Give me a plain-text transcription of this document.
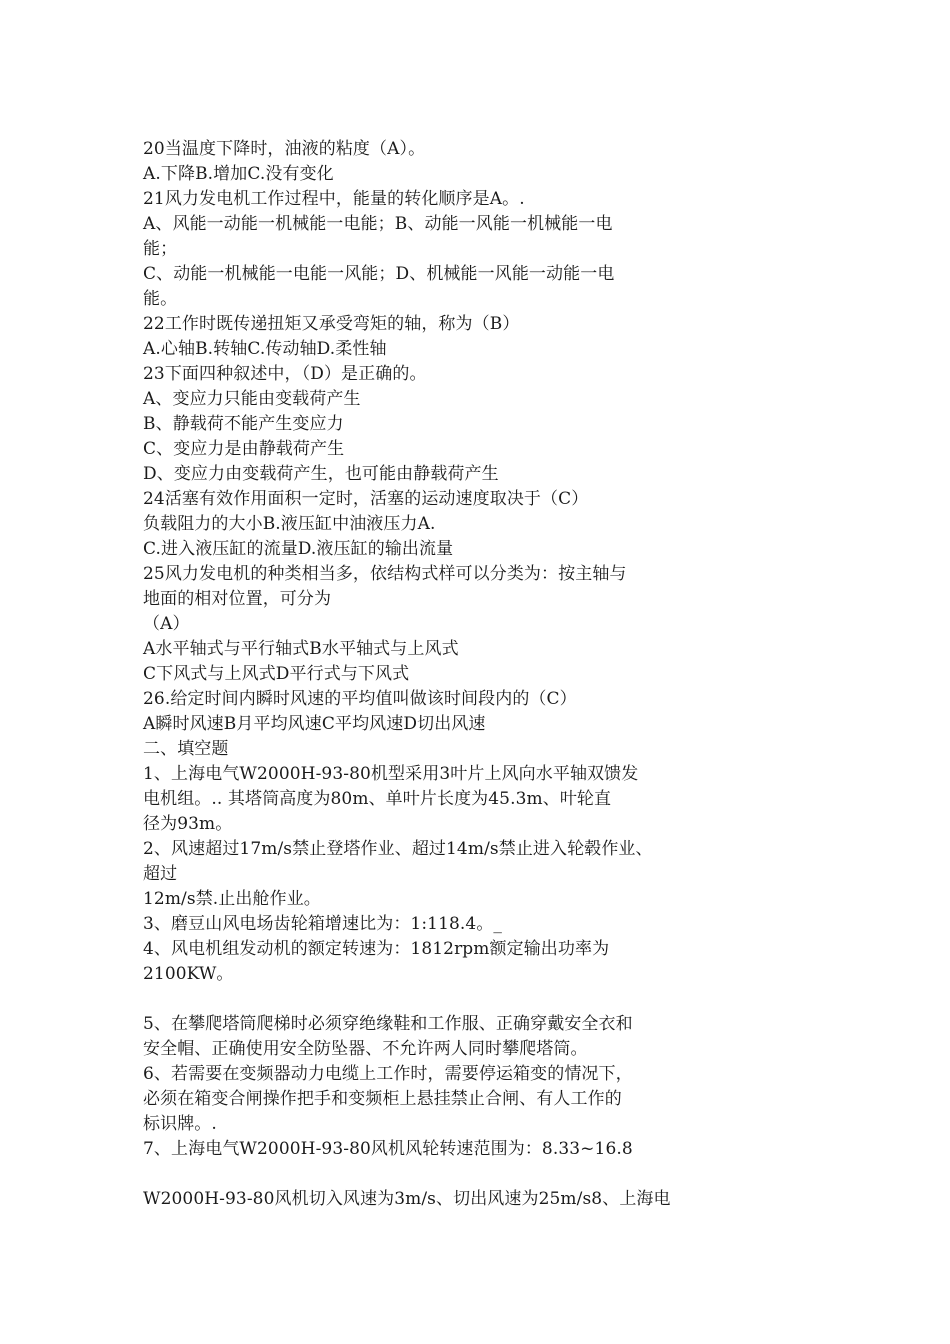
20当温度下降时，油液的粘度（A）。
A.下降B.增加C.没有变化
21风力发电机工作过程中，能量的转化顺序是A。.
A、风能一动能一机械能一电能；B、动能一风能一机械能一电
能；
C、动能一机械能一电能一风能；D、机械能一风能一动能一电
能。
22工作时既传递扭矩又承受弯矩的轴，称为（B）
A.心轴B.转轴C.传动轴D.柔性轴
23下面四种叙述中，（D）是正确的。
A、变应力只能由变载荷产生
B、静载荷不能产生变应力
C、变应力是由静载荷产生
D、变应力由变载荷产生，也可能由静载荷产生
24活塞有效作用面积一定时，活塞的运动速度取决于（C）
负载阻力的大小B.液压缸中油液压力A.
C.进入液压缸的流量D.液压缸的输出流量
25风力发电机的种类相当多，依结构式样可以分类为：按主轴与
地面的相对位置，可分为
（A）
A水平轴式与平行轴式B水平轴式与上风式
C下风式与上风式D平行式与下风式
26.给定时间内瞬时风速的平均值叫做该时间段内的（C）
A瞬时风速B月平均风速C平均风速D切出风速
二、填空题
1、上海电气W2000H-93-80机型采用3叶片上风向水平轴双馈发
电机组。.. 其塔筒高度为80m、单叶片长度为45.3m、叶轮直
径为93m。
2、风速超过17m/s禁止登塔作业、超过14m/s禁止进入轮毂作业、
超过
12m/s禁.止出舱作业。
3、磨豆山风电场齿轮箱增速比为：1:118.4。_
4、风电机组发动机的额定转速为：1812rpm额定输出功率为
2100KW。
5、在攀爬塔筒爬梯时必须穿绝缘鞋和工作服、正确穿戴安全衣和
安全帽、正确使用安全防坠器、不允许两人同时攀爬塔筒。
6、若需要在变频器动力电缆上工作时，需要停运箱变的情况下，
必须在箱变合闸操作把手和变频柜上悬挂禁止合闸、有人工作的
标识牌。.
7、上海电气W2000H-93-80风机风轮转速范围为：8.33~16.8
W2000H-93-80风机切入风速为3m/s、切出风速为25m/s8、上海电
